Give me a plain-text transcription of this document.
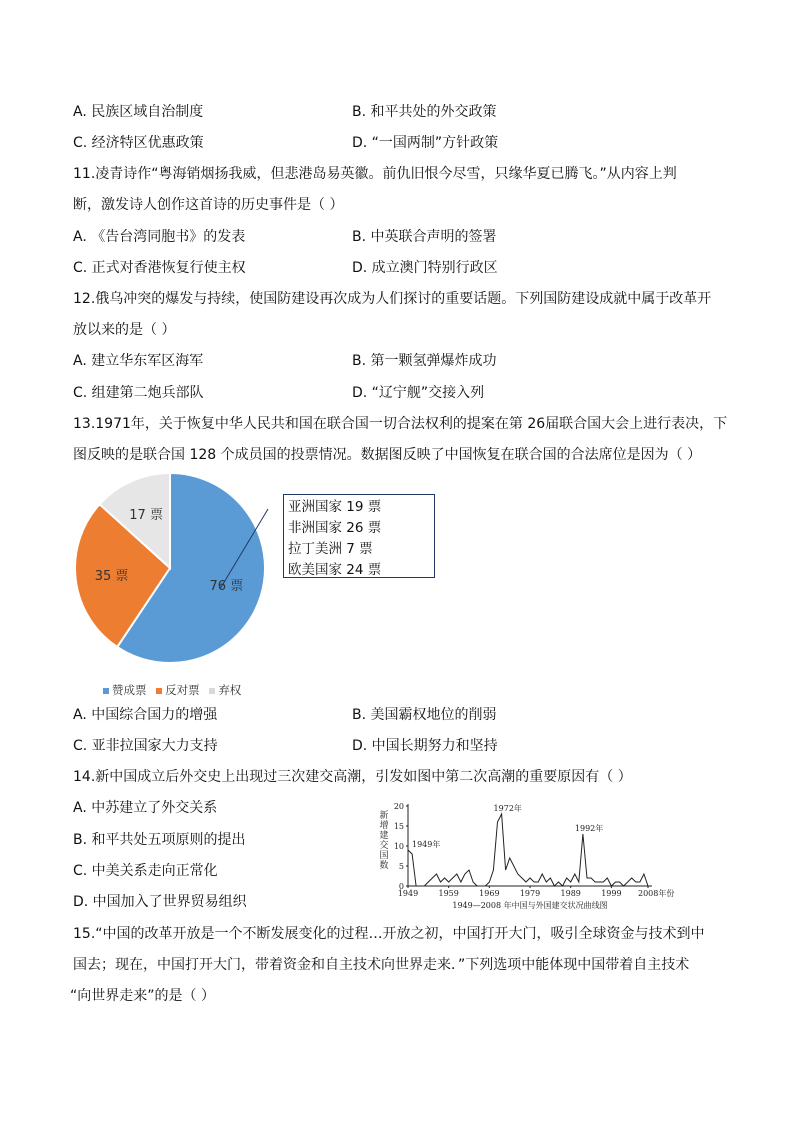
A. 民族区域自治制度	B. 和平共处的外交政策
C. 经济特区优惠政策	D. “一国两制”方针政策
11.凌青诗作“粤海销烟扬我威，但悲港岛易英徽。前仇旧恨今尽雪，只缘华夏已腾飞。”从内容上判
断，激发诗人创作这首诗的历史事件是（ ）
A. 《告台湾同胞书》的发表	B. 中英联合声明的签署
C. 正式对香港恢复行使主权	D. 成立澳门特别行政区
12.俄乌冲突的爆发与持续，使国防建设再次成为人们探讨的重要话题。下列国防建设成就中属于改革开
放以来的是（ ）
A. 建立华东军区海军	B. 第一颗氢弹爆炸成功
C. 组建第二炮兵部队	D. “辽宁舰”交接入列
13.1971年，关于恢复中华人民共和国在联合国一切合法权利的提案在第 26届联合国大会上进行表决，下
图反映的是联合国 128 个成员国的投票情况。数据图反映了中国恢复在联合国的合法席位是因为（ ）
76 票
35 票
17 票
亚洲国家 19 票
非洲国家 26 票
拉丁美洲 7 票
欧美国家 24 票
赞成票 反对票 弃权
A. 中国综合国力的增强	B. 美国霸权地位的削弱
C. 亚非拉国家大力支持	D. 中国长期努力和坚持
14.新中国成立后外交史上出现过三次建交高潮，引发如图中第二次高潮的重要原因有（ ）
A. 中苏建立了外交关系
B. 和平共处五项原则的提出
C. 中美关系走向正常化
D. 中国加入了世界贸易组织
新
增
建
交
国
数
0
5
10
15
20
1949	1959	1969	1979	1989	1999 2008年份
1949年
1972年
1992年
1949—2008 年中国与外国建交状况曲线图
15.“中国的改革开放是一个不断发展变化的过程…开放之初，中国打开大门，吸引全球资金与技术到中
国去；现在，中国打开大门，带着资金和自主技术向世界走来．”下列选项中能体现中国带着自主技术
“向世界走来”的是（ ）
